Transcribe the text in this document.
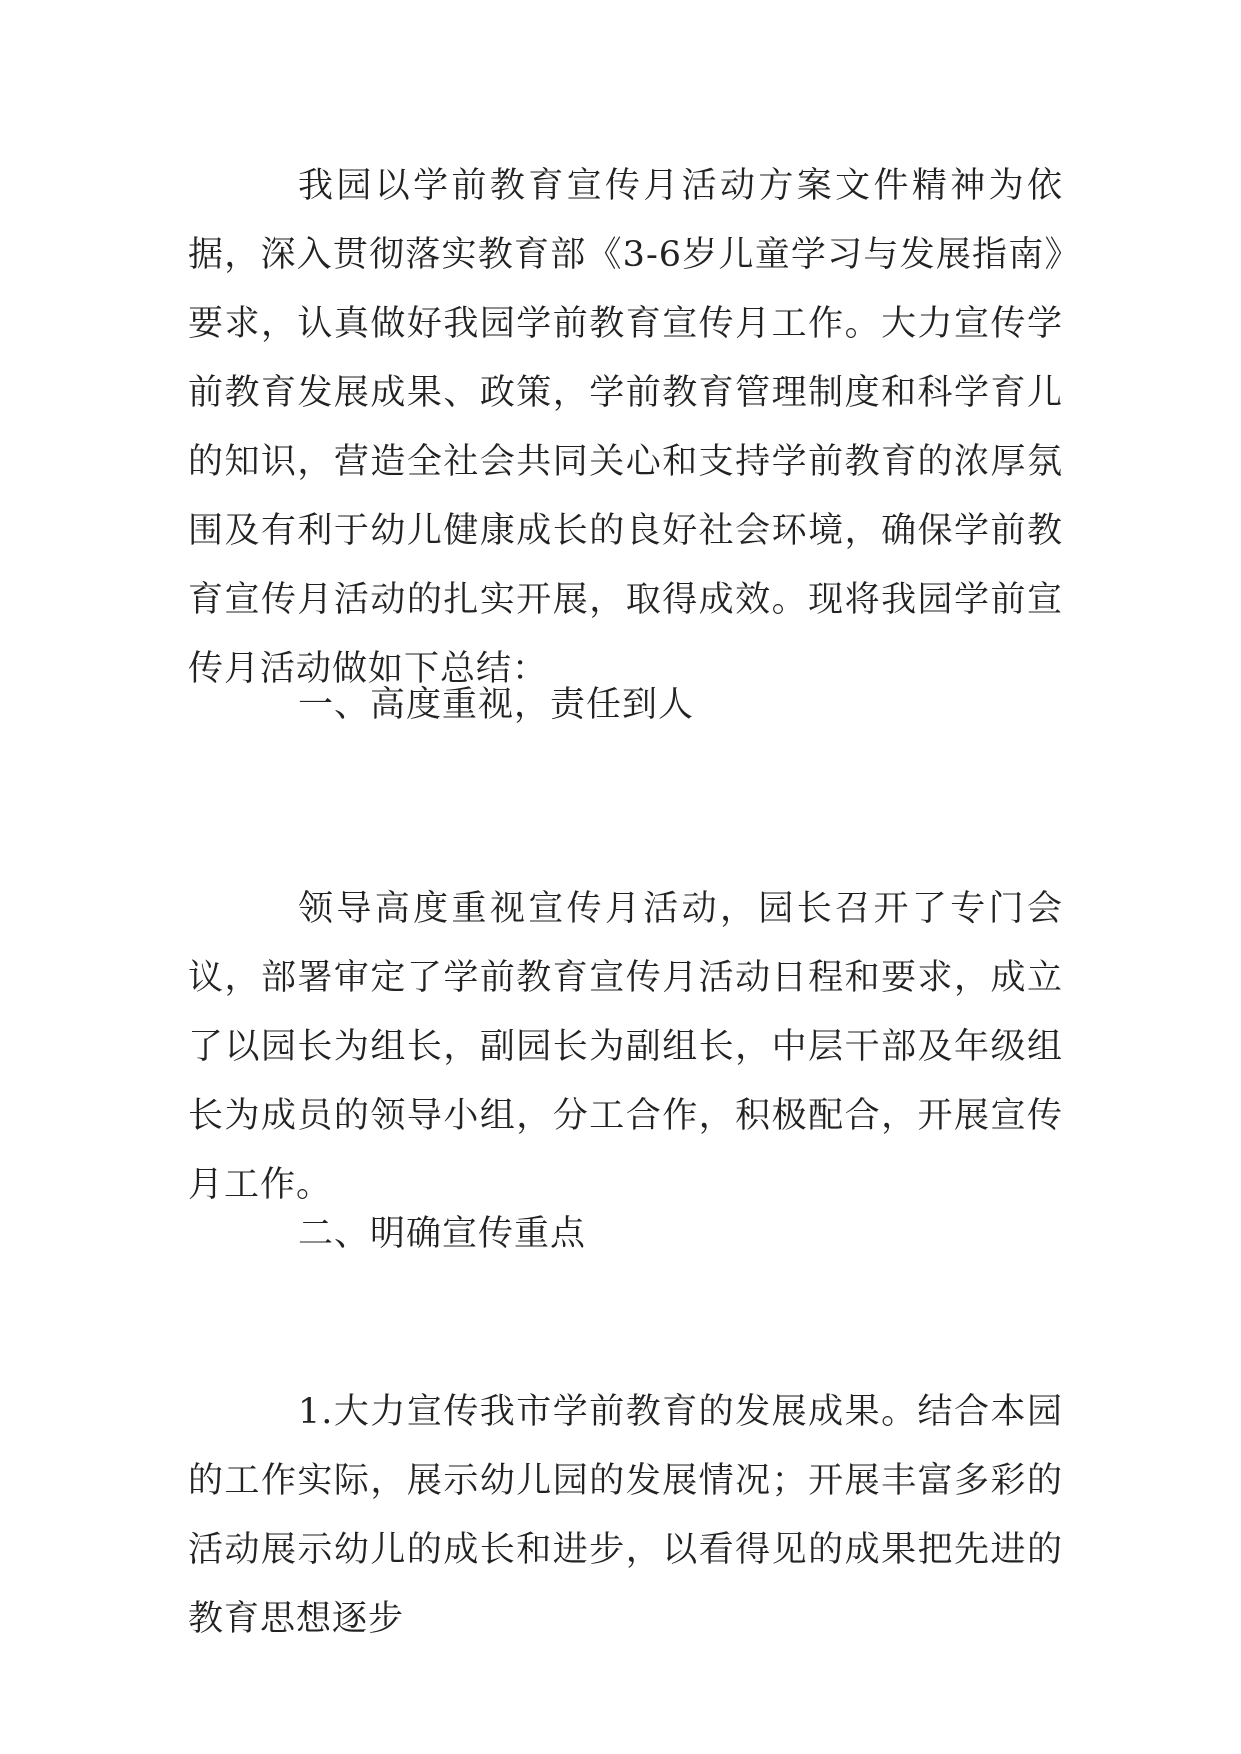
我园以学前教育宣传月活动方案文件精神为依据，深入贯彻落实教育部《3-6岁儿童学习与发展指南》要求，认真做好我园学前教育宣传月工作。大力宣传学前教育发展成果、政策，学前教育管理制度和科学育儿的知识，营造全社会共同关心和支持学前教育的浓厚氛围及有利于幼儿健康成长的良好社会环境，确保学前教育宣传月活动的扎实开展，取得成效。现将我园学前宣传月活动做如下总结：

一、高度重视，责任到人

领导高度重视宣传月活动，园长召开了专门会议，部署审定了学前教育宣传月活动日程和要求，成立了以园长为组长，副园长为副组长，中层干部及年级组长为成员的领导小组，分工合作，积极配合，开展宣传月工作。

二、明确宣传重点

1.大力宣传我市学前教育的发展成果。结合本园的工作实际，展示幼儿园的发展情况；开展丰富多彩的活动展示幼儿的成长和进步，以看得见的成果把先进的教育思想逐步
